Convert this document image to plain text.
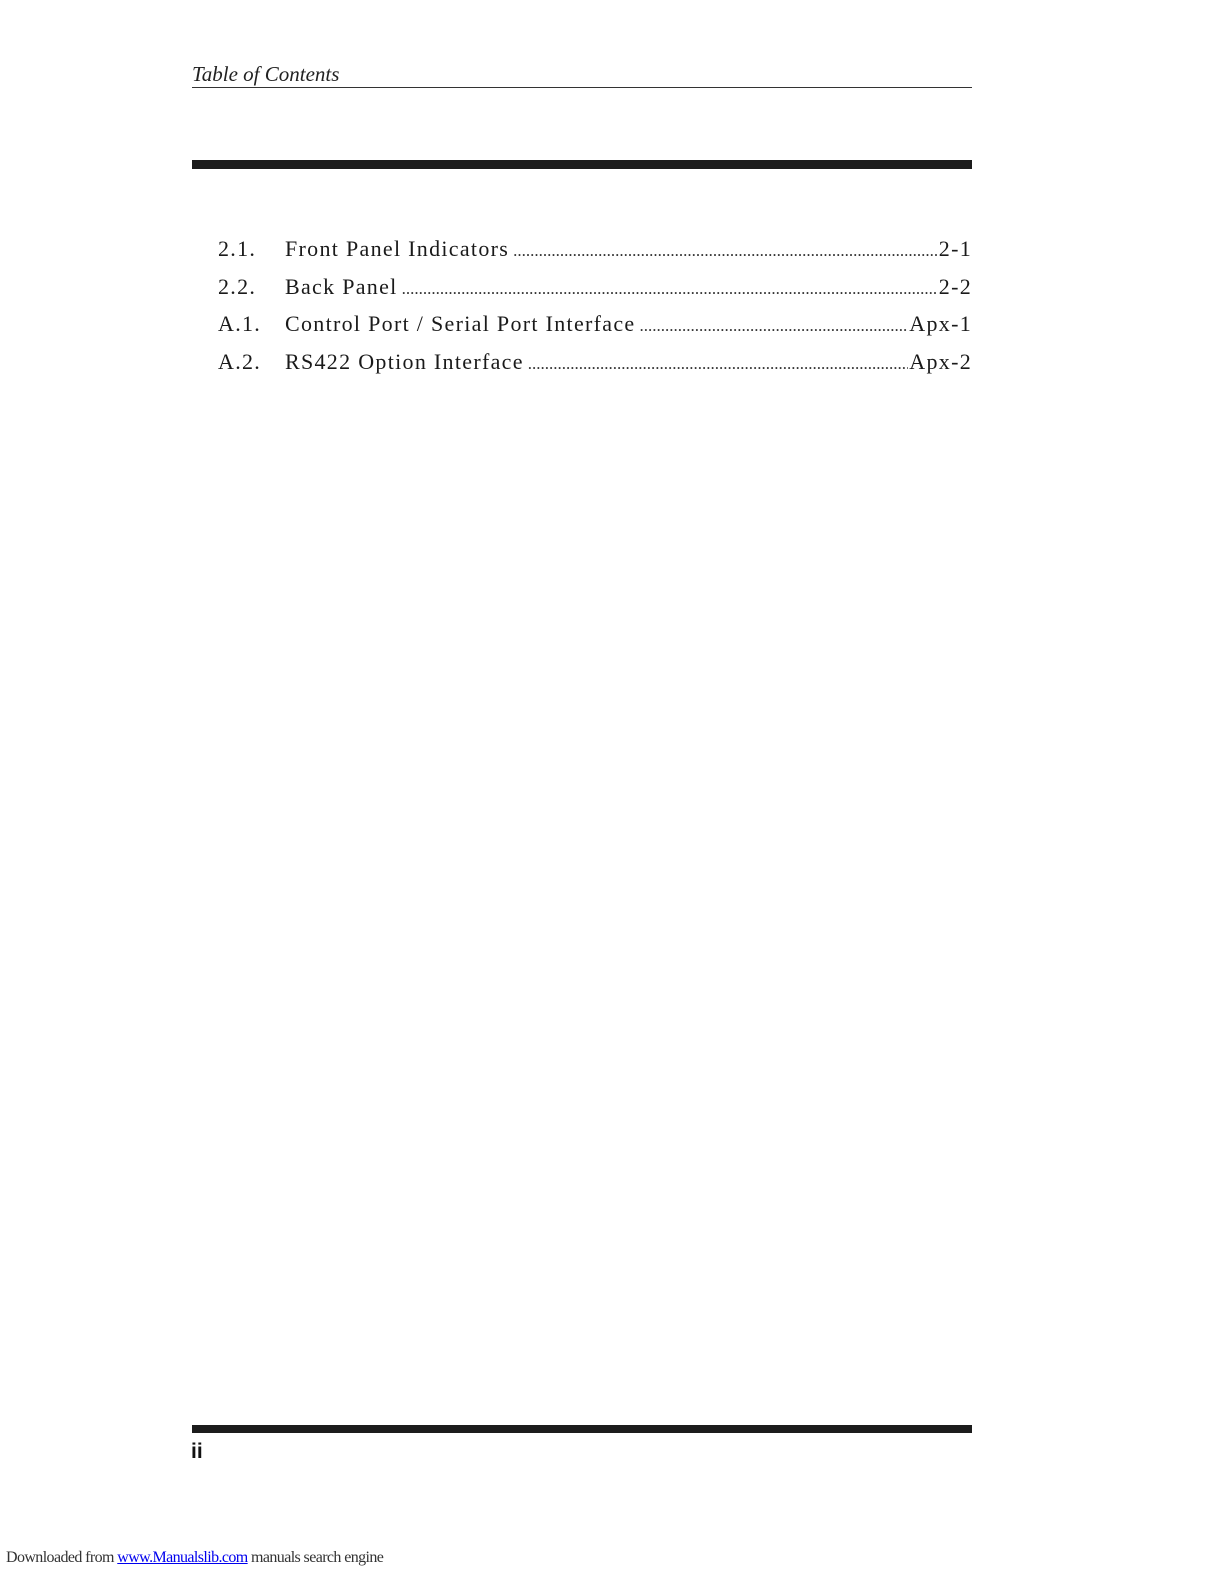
Table of Contents
2.1.	Front Panel Indicators .....	2-1
2.2.	Back Panel .....	2-2
A.1.	Control Port / Serial Port Interface .....	Apx-1
A.2.	RS422 Option Interface .....	Apx-2
ii
Downloaded from www.Manualslib.com manuals search engine
